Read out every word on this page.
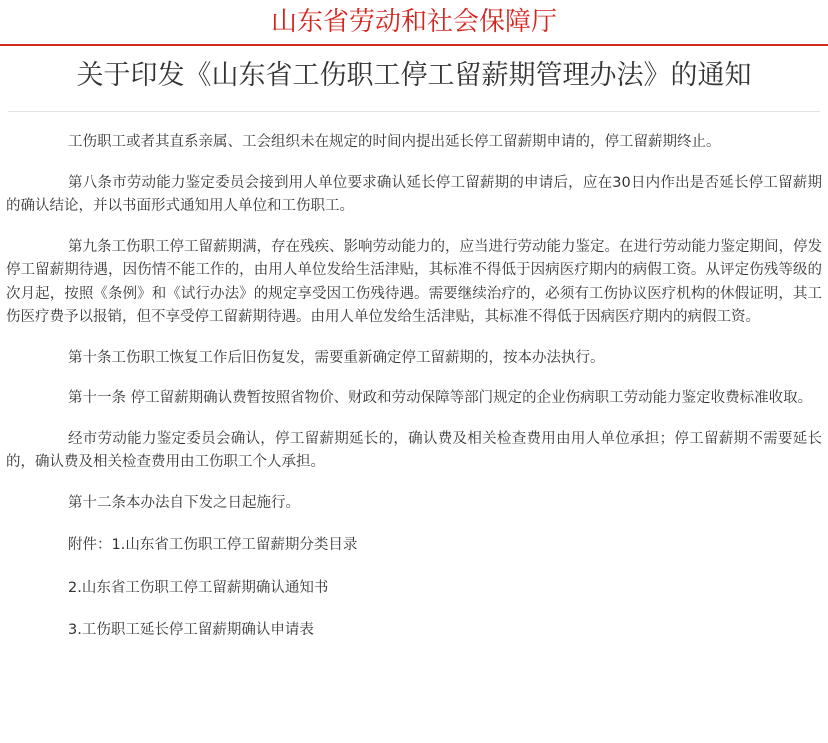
山东省劳动和社会保障厅
关于印发《山东省工伤职工停工留薪期管理办法》的通知

工伤职工或者其直系亲属、工会组织未在规定的时间内提出延长停工留薪期申请的，停工留薪期终止。

第八条市劳动能力鉴定委员会接到用人单位要求确认延长停工留薪期的申请后，应在30日内作出是否延长停工留薪期的确认结论，并以书面形式通知用人单位和工伤职工。

第九条工伤职工停工留薪期满，存在残疾、影响劳动能力的，应当进行劳动能力鉴定。在进行劳动能力鉴定期间，停发停工留薪期待遇，因伤情不能工作的，由用人单位发给生活津贴，其标准不得低于因病医疗期内的病假工资。从评定伤残等级的次月起，按照《条例》和《试行办法》的规定享受因工伤残待遇。需要继续治疗的，必须有工伤协议医疗机构的休假证明，其工伤医疗费予以报销，但不享受停工留薪期待遇。由用人单位发给生活津贴，其标准不得低于因病医疗期内的病假工资。

第十条工伤职工恢复工作后旧伤复发，需要重新确定停工留薪期的，按本办法执行。

第十一条 停工留薪期确认费暂按照省物价、财政和劳动保障等部门规定的企业伤病职工劳动能力鉴定收费标准收取。

经市劳动能力鉴定委员会确认，停工留薪期延长的，确认费及相关检查费用由用人单位承担；停工留薪期不需要延长的，确认费及相关检查费用由工伤职工个人承担。

第十二条本办法自下发之日起施行。

附件：1.山东省工伤职工停工留薪期分类目录

2.山东省工伤职工停工留薪期确认通知书

3.工伤职工延长停工留薪期确认申请表
